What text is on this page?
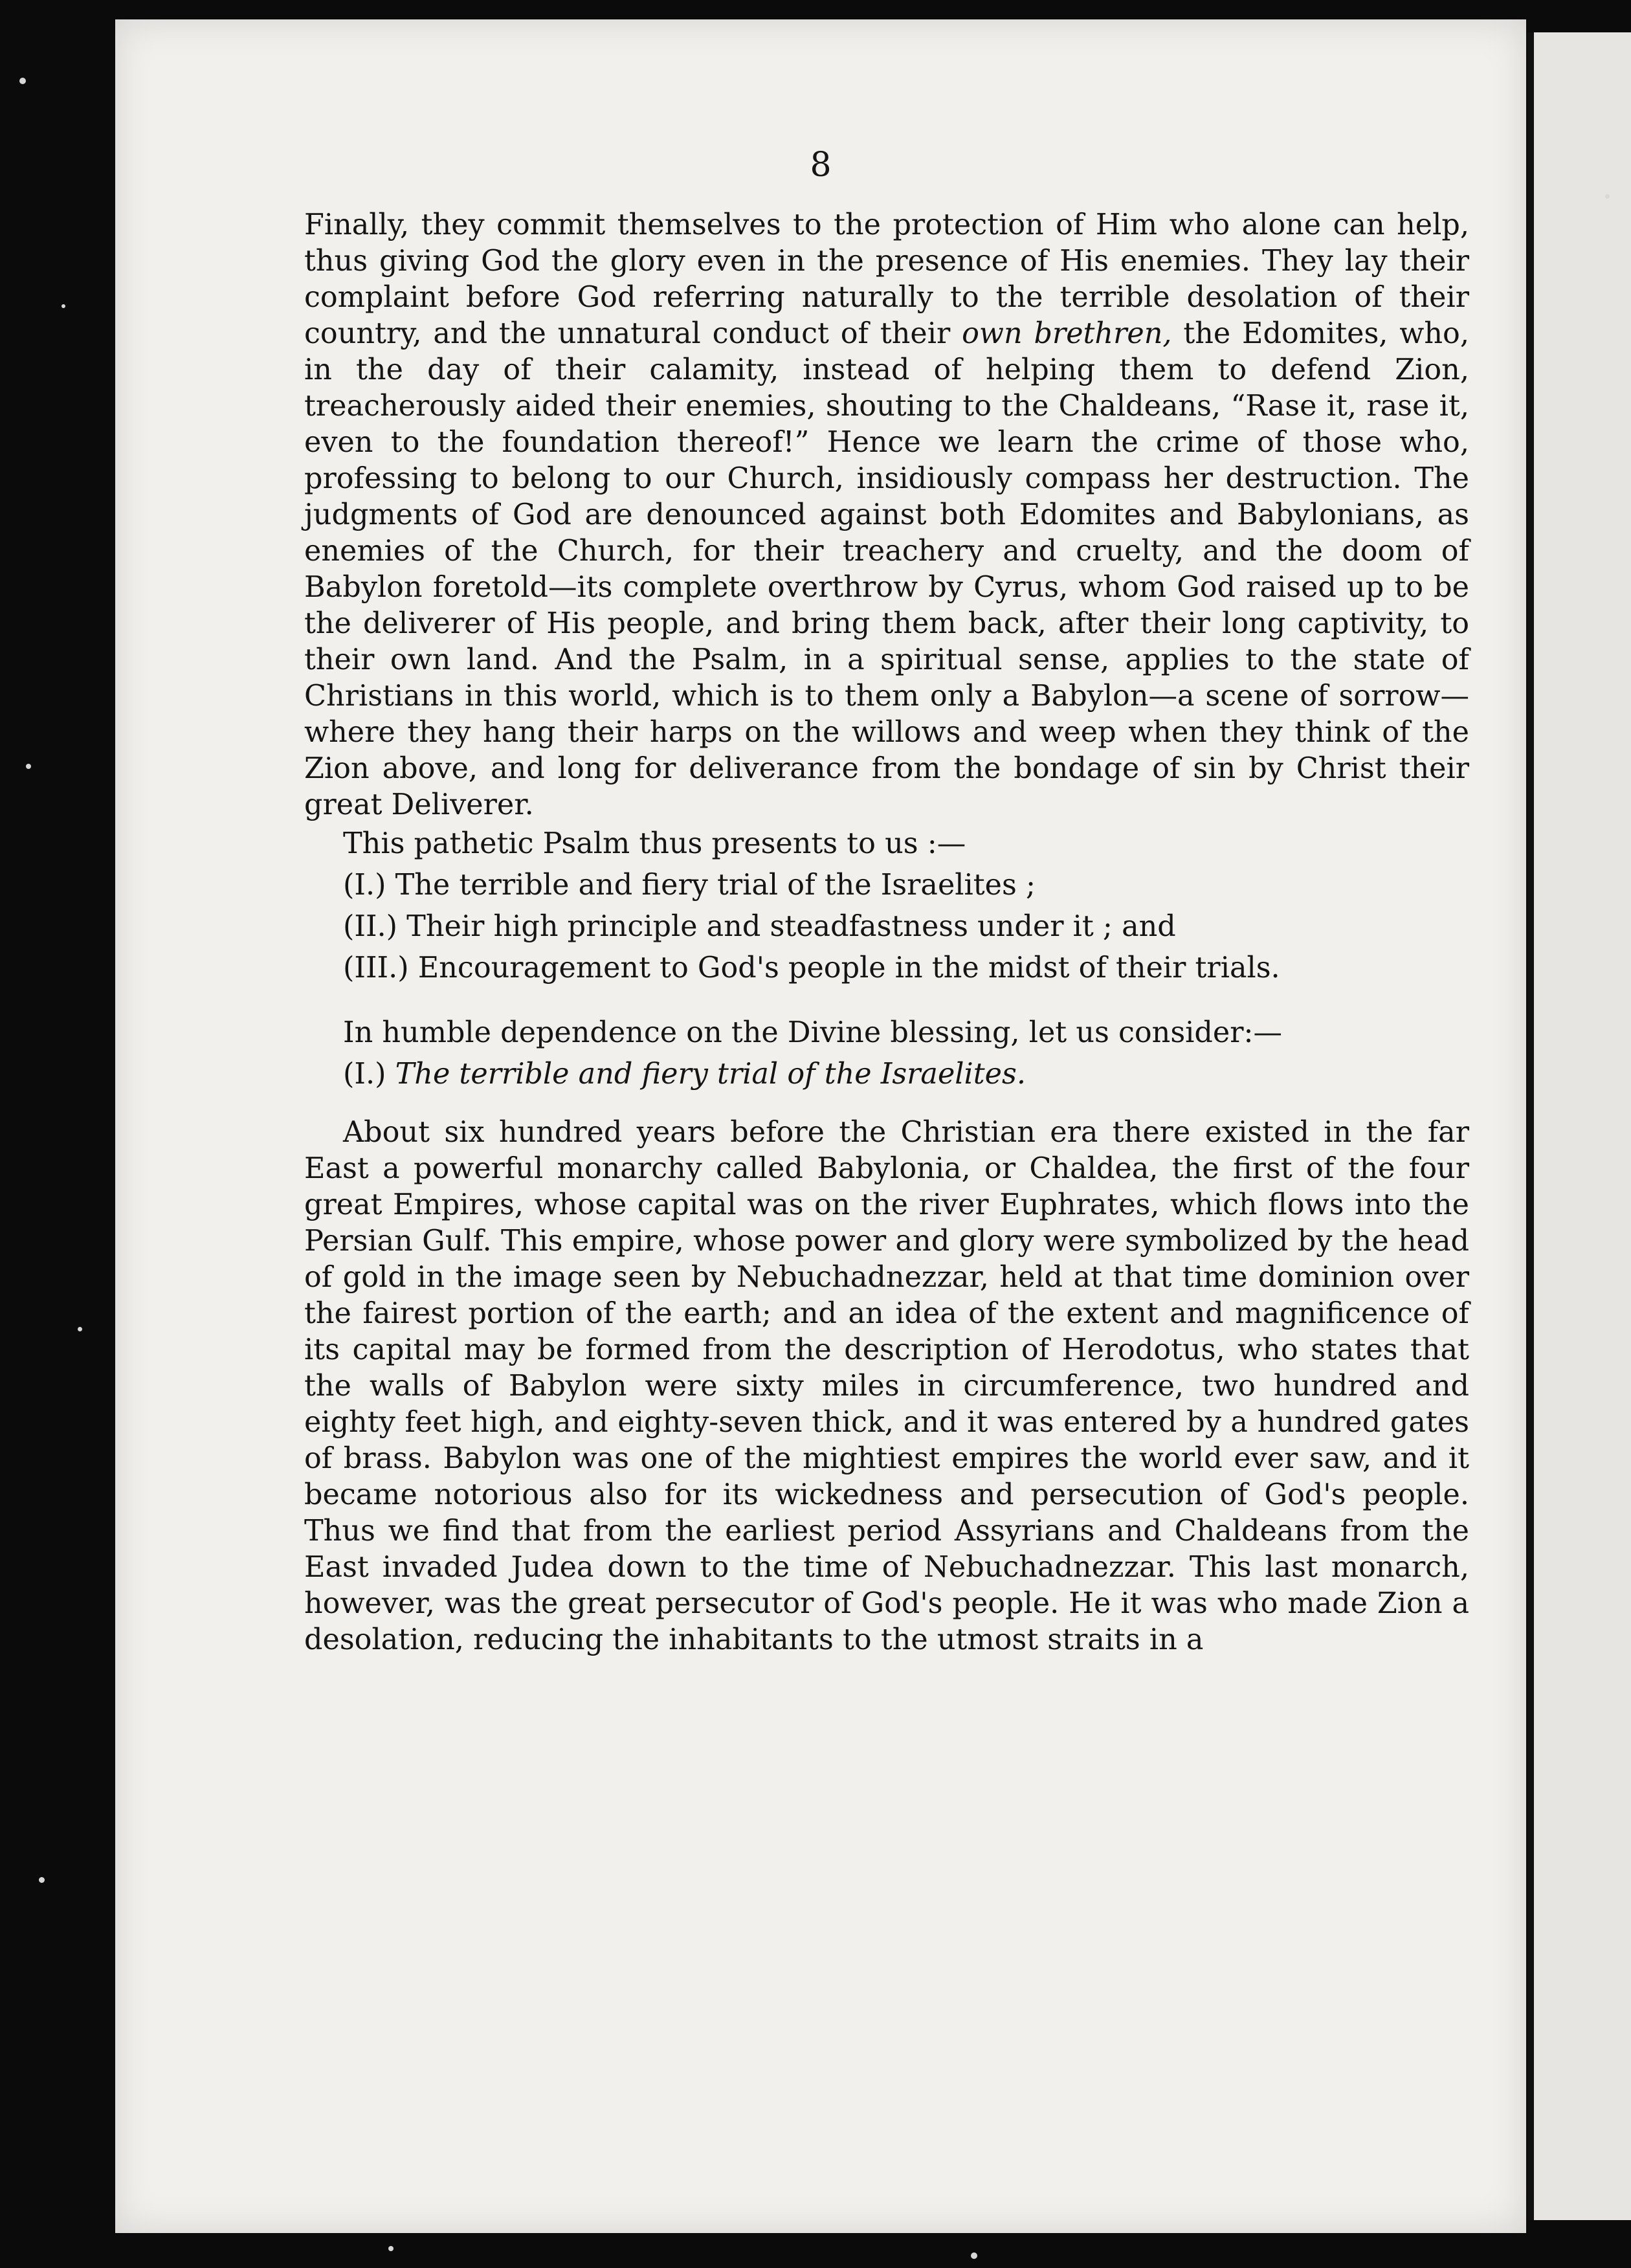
8

Finally, they commit themselves to the protection of Him who alone can help, thus giving God the glory even in the presence of His enemies. They lay their complaint before God referring naturally to the terrible desolation of their country, and the unnatural conduct of their own brethren, the Edomites, who, in the day of their calamity, instead of helping them to defend Zion, treacherously aided their enemies, shouting to the Chaldeans, “Rase it, rase it, even to the foundation thereof!” Hence we learn the crime of those who, professing to belong to our Church, insidiously compass her destruction. The judgments of God are denounced against both Edomites and Babylonians, as enemies of the Church, for their treachery and cruelty, and the doom of Babylon foretold—its complete overthrow by Cyrus, whom God raised up to be the deliverer of His people, and bring them back, after their long captivity, to their own land. And the Psalm, in a spiritual sense, applies to the state of Christians in this world, which is to them only a Babylon—a scene of sorrow—where they hang their harps on the willows and weep when they think of the Zion above, and long for deliverance from the bondage of sin by Christ their great Deliverer.

This pathetic Psalm thus presents to us :—

(I.) The terrible and fiery trial of the Israelites ;

(II.) Their high principle and steadfastness under it ; and

(III.) Encouragement to God's people in the midst of their trials.

In humble dependence on the Divine blessing, let us consider:—

(I.) The terrible and fiery trial of the Israelites.

About six hundred years before the Christian era there existed in the far East a powerful monarchy called Babylonia, or Chaldea, the first of the four great Empires, whose capital was on the river Euphrates, which flows into the Persian Gulf. This empire, whose power and glory were symbolized by the head of gold in the image seen by Nebuchadnezzar, held at that time dominion over the fairest portion of the earth; and an idea of the extent and magnificence of its capital may be formed from the description of Herodotus, who states that the walls of Babylon were sixty miles in circumference, two hundred and eighty feet high, and eighty-seven thick, and it was entered by a hundred gates of brass. Babylon was one of the mightiest empires the world ever saw, and it became notorious also for its wickedness and persecution of God's people. Thus we find that from the earliest period Assyrians and Chaldeans from the East invaded Judea down to the time of Nebuchadnezzar. This last monarch, however, was the great persecutor of God's people. He it was who made Zion a desolation, reducing the inhabitants to the utmost straits in a
